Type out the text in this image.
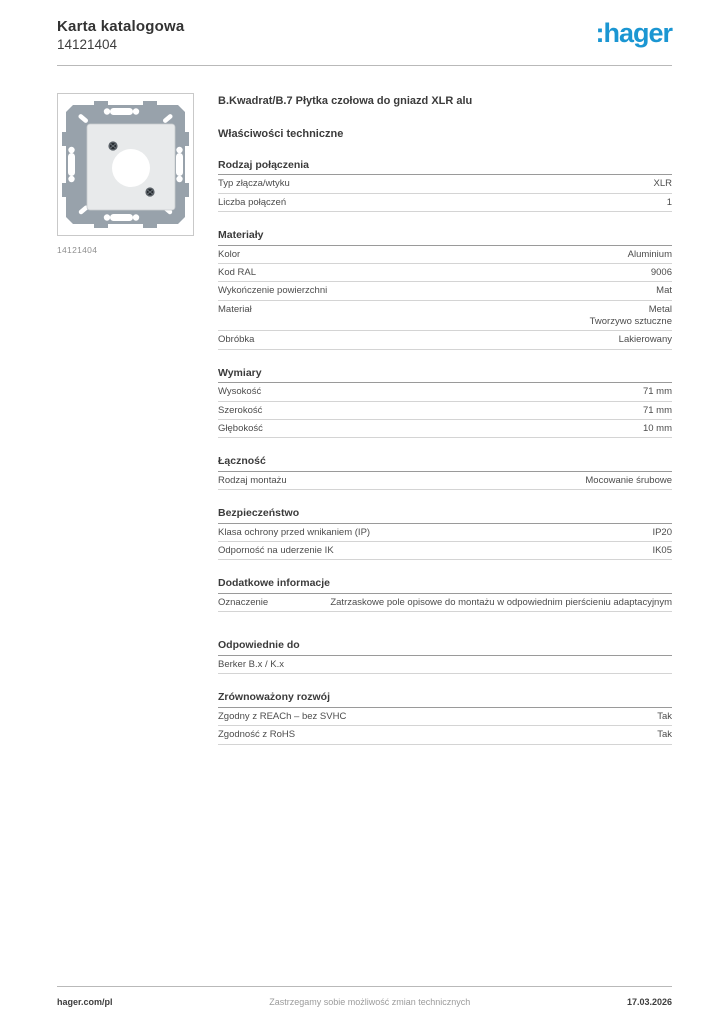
Karta katalogowa
14121404	:hager
14121404
B.Kwadrat/B.7 Płytka czołowa do gniazd XLR alu
Właściwości techniczne
Rodzaj połączenia
Typ złącza/wtyku	XLR
Liczba połączeń	1
Materiały
Kolor	Aluminium
Kod RAL	9006
Wykończenie powierzchni	Mat
Materiał	Metal
Tworzywo sztuczne
Obróbka	Lakierowany
Wymiary
Wysokość	71 mm
Szerokość	71 mm
Głębokość	10 mm
Łączność
Rodzaj montażu	Mocowanie śrubowe
Bezpieczeństwo
Klasa ochrony przed wnikaniem (IP)	IP20
Odporność na uderzenie IK	IK05
Dodatkowe informacje
Oznaczenie	Zatrzaskowe pole opisowe do montażu w odpowiednim pierścieniu adaptacyjnym
Odpowiednie do
Berker B.x / K.x
Zrównoważony rozwój
Zgodny z REACh – bez SVHC	Tak
Zgodność z RoHS	Tak
hager.com/pl	Zastrzegamy sobie możliwość zmian technicznych	17.03.2026
